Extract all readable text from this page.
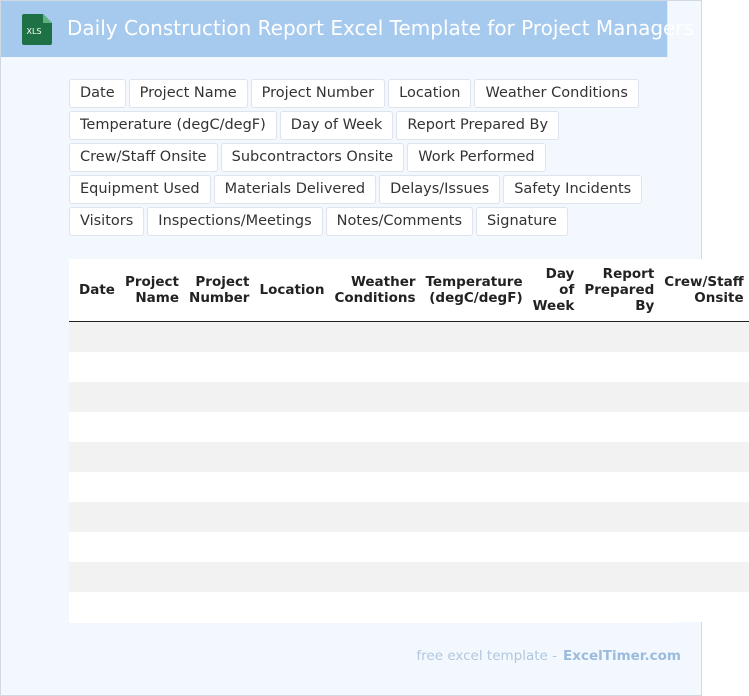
XLS Daily Construction Report Excel Template for Project Managers
Date	Project Name	Project Number	Location	Weather Conditions
Temperature (degC/degF)	Day of Week	Report Prepared By
Crew/Staff Onsite	Subcontractors Onsite	Work Performed
Equipment Used	Materials Delivered	Delays/Issues	Safety Incidents
Visitors	Inspections/Meetings	Notes/Comments	Signature
Date	Project Name	Project Number	Location	Weather Conditions	Temperature (degC/degF)	Day of Week	Report Prepared By	Crew/Staff Onsite

free excel template - ExcelTimer.com
